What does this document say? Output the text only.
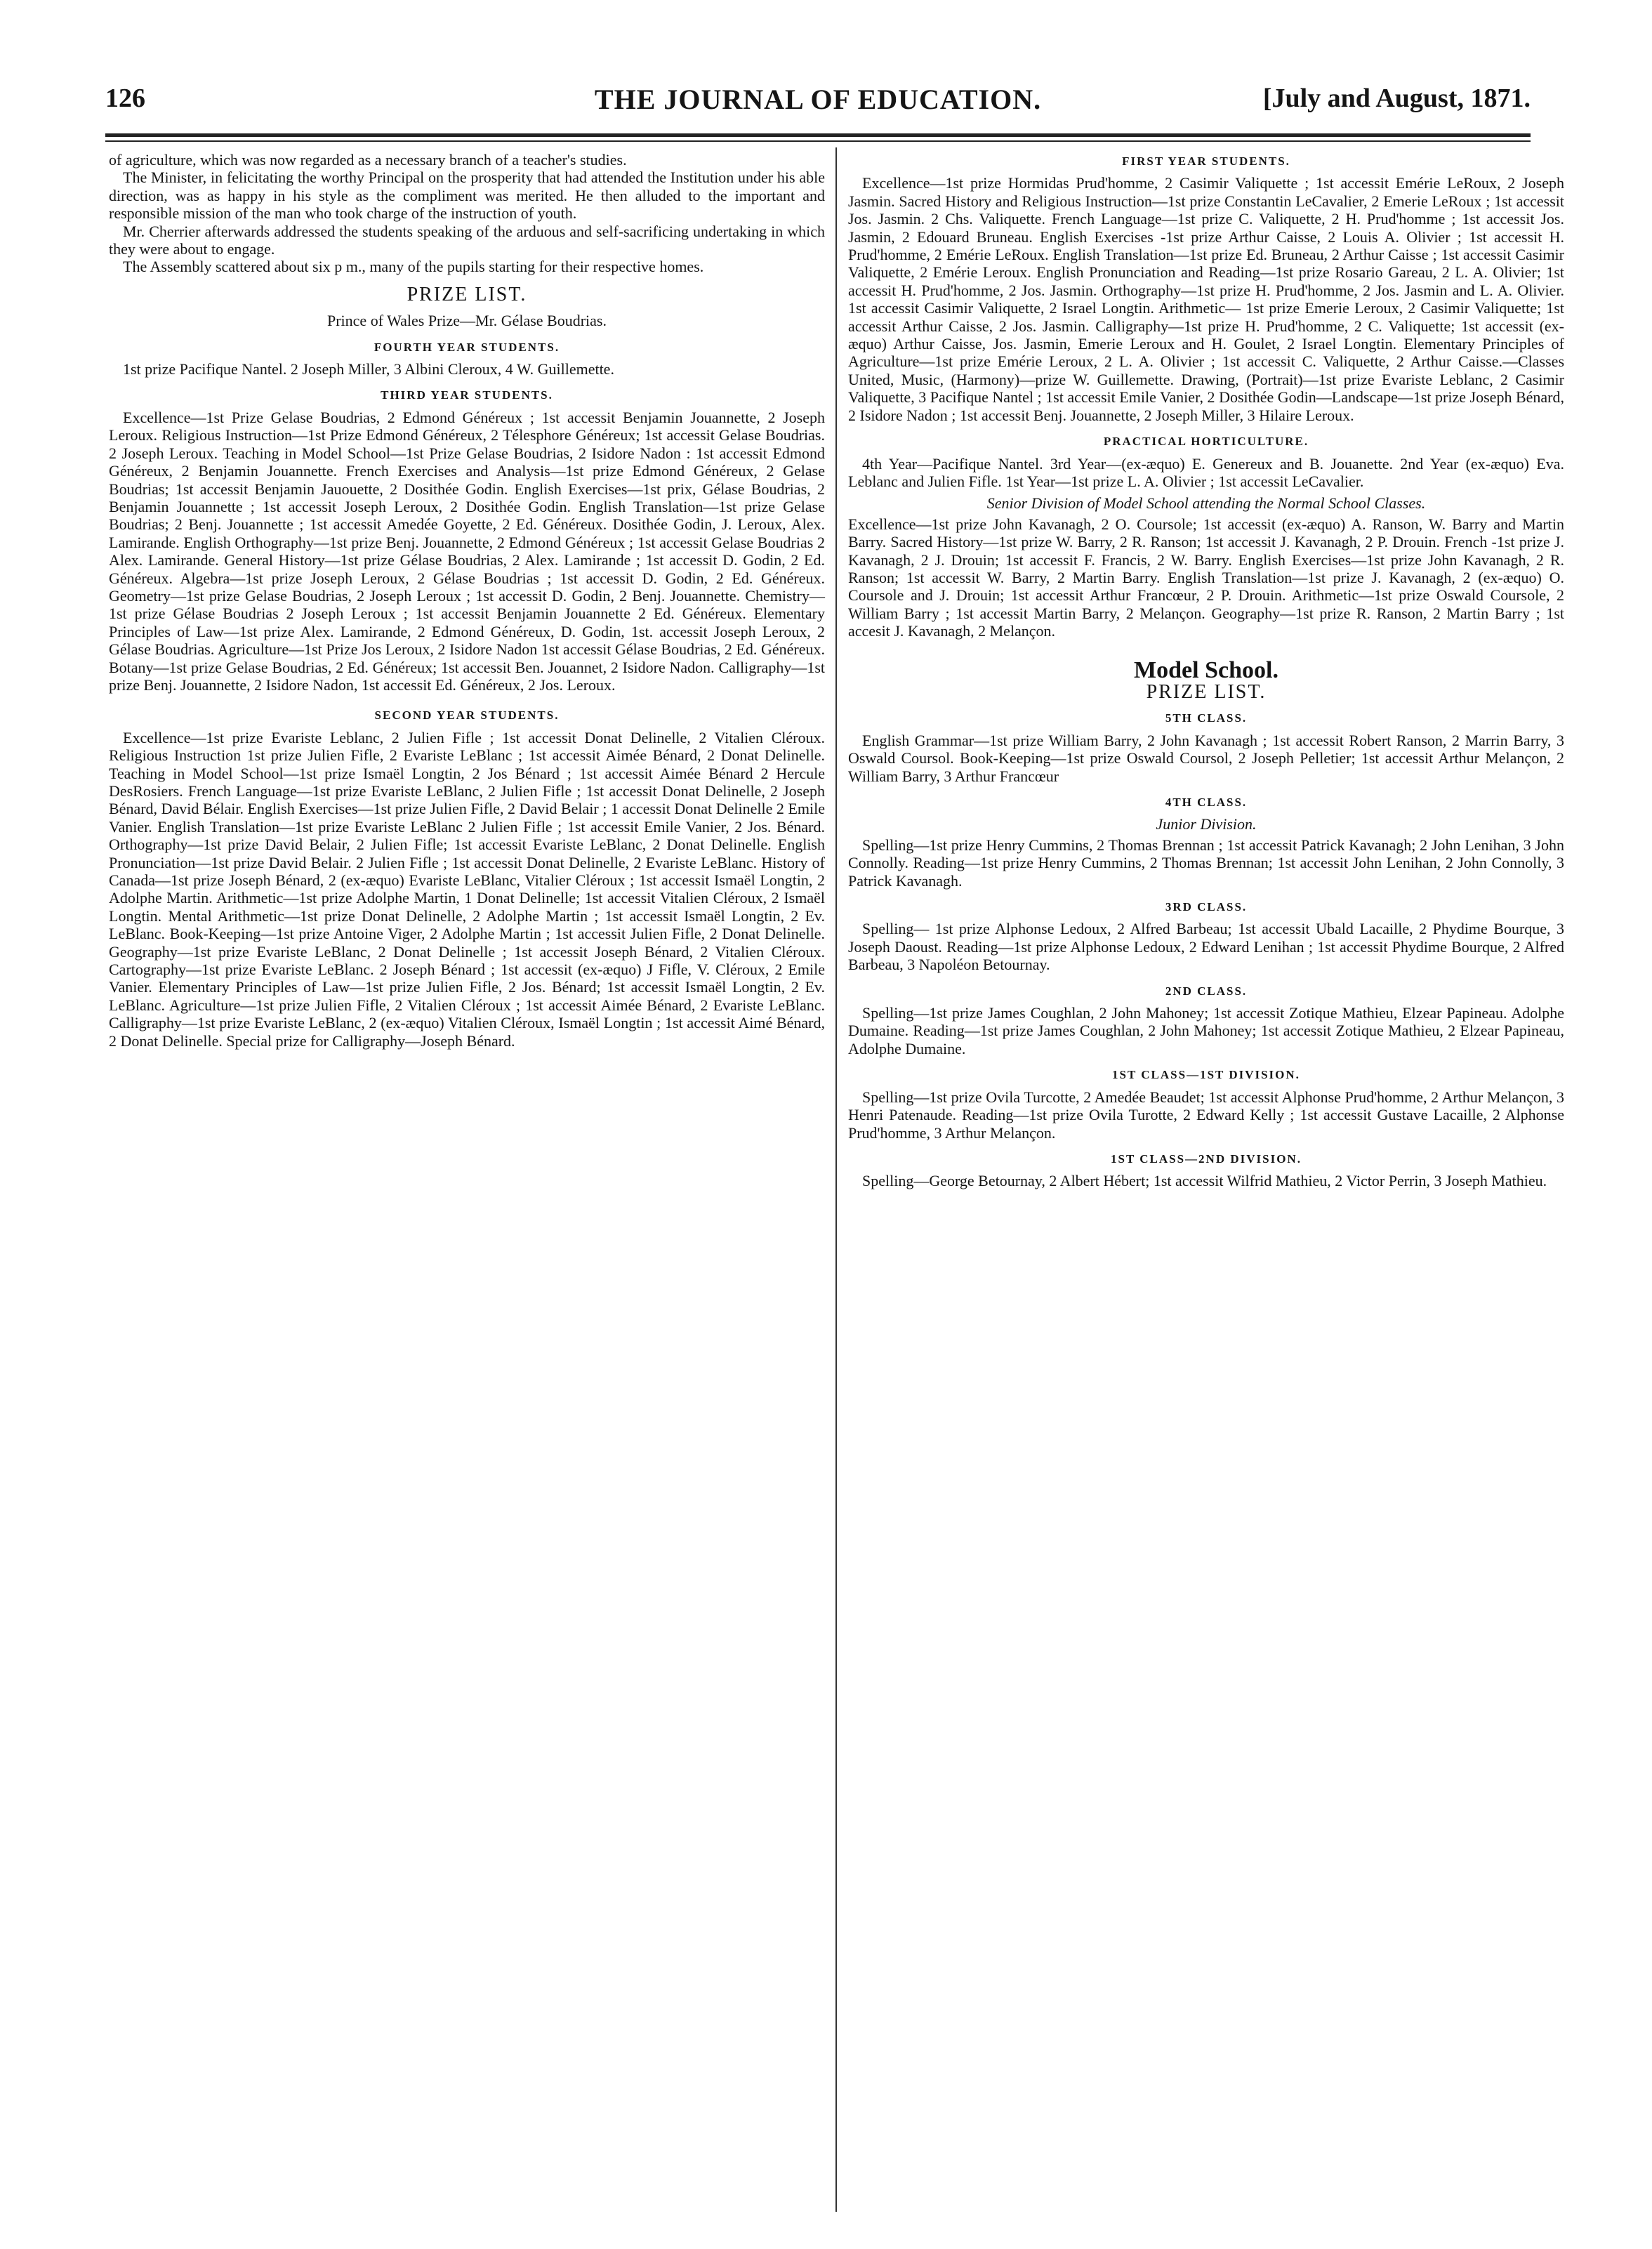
THE JOURNAL OF EDUCATION.
126	[July and August, 1871.

of agriculture, which was now regarded as a necessary branch of a teacher's studies.

The Minister, in felicitating the worthy Principal on the prosperity that had attended the Institution under his able direction, was as happy in his style as the compliment was merited. He then alluded to the important and responsible mission of the man who took charge of the instruction of youth.

Mr. Cherrier afterwards addressed the students speaking of the arduous and self-sacrificing undertaking in which they were about to engage.

The Assembly scattered about six p m., many of the pupils starting for their respective homes.

PRIZE LIST.

Prince of Wales Prize—Mr. Gélase Boudrias.

FOURTH YEAR STUDENTS.

1st prize Pacifique Nantel. 2 Joseph Miller, 3 Albini Cleroux, 4 W. Guillemette.

THIRD YEAR STUDENTS.

Excellence—1st Prize Gelase Boudrias, 2 Edmond Généreux ; 1st accessit Benjamin Jouannette, 2 Joseph Leroux. Religious Instruction—1st Prize Edmond Généreux, 2 Télesphore Généreux; 1st accessit Gelase Boudrias. 2 Joseph Leroux. Teaching in Model School—1st Prize Gelase Boudrias, 2 Isidore Nadon : 1st accessit Edmond Généreux, 2 Benjamin Jouannette. French Exercises and Analysis—1st prize Edmond Généreux, 2 Gelase Boudrias; 1st accessit Benjamin Jauouette, 2 Dosithée Godin. English Exercises—1st prix, Gélase Boudrias, 2 Benjamin Jouannette ; 1st accessit Joseph Leroux, 2 Dosithée Godin. English Translation—1st prize Gelase Boudrias; 2 Benj. Jouannette ; 1st accessit Amedée Goyette, 2 Ed. Généreux. Dosithée Godin, J. Leroux, Alex. Lamirande. English Orthography—1st prize Benj. Jouannette, 2 Edmond Généreux ; 1st accessit Gelase Boudrias 2 Alex. Lamirande. General History—1st prize Gélase Boudrias, 2 Alex. Lamirande ; 1st accessit D. Godin, 2 Ed. Généreux. Algebra—1st prize Joseph Leroux, 2 Gélase Boudrias ; 1st accessit D. Godin, 2 Ed. Généreux. Geometry—1st prize Gelase Boudrias, 2 Joseph Leroux ; 1st accessit D. Godin, 2 Benj. Jouannette. Chemistry—1st prize Gélase Boudrias 2 Joseph Leroux ; 1st accessit Benjamin Jouannette 2 Ed. Généreux. Elementary Principles of Law—1st prize Alex. Lamirande, 2 Edmond Généreux, D. Godin, 1st. accessit Joseph Leroux, 2 Gélase Boudrias. Agriculture—1st Prize Jos Leroux, 2 Isidore Nadon 1st accessit Gélase Boudrias, 2 Ed. Généreux. Botany—1st prize Gelase Boudrias, 2 Ed. Généreux; 1st accessit Ben. Jouannet, 2 Isidore Nadon. Calligraphy—1st prize Benj. Jouannette, 2 Isidore Nadon, 1st accessit Ed. Généreux, 2 Jos. Leroux.

SECOND YEAR STUDENTS.

Excellence—1st prize Evariste Leblanc, 2 Julien Fifle ; 1st accessit Donat Delinelle, 2 Vitalien Cléroux. Religious Instruction 1st prize Julien Fifle, 2 Evariste LeBlanc ; 1st accessit Aimée Bénard, 2 Donat Delinelle. Teaching in Model School—1st prize Ismaël Longtin, 2 Jos Bénard ; 1st accessit Aimée Bénard 2 Hercule DesRosiers. French Language—1st prize Evariste LeBlanc, 2 Julien Fifle ; 1st accessit Donat Delinelle, 2 Joseph Bénard, David Bélair. English Exercises—1st prize Julien Fifle, 2 David Belair ; 1 accessit Donat Delinelle 2 Emile Vanier. English Translation—1st prize Evariste LeBlanc 2 Julien Fifle ; 1st accessit Emile Vanier, 2 Jos. Bénard. Orthography—1st prize David Belair, 2 Julien Fifle; 1st accessit Evariste LeBlanc, 2 Donat Delinelle. English Pronunciation—1st prize David Belair. 2 Julien Fifle ; 1st accessit Donat Delinelle, 2 Evariste LeBlanc. History of Canada—1st prize Joseph Bénard, 2 (ex-æquo) Evariste LeBlanc, Vitalier Cléroux ; 1st accessit Ismaël Longtin, 2 Adolphe Martin. Arithmetic—1st prize Adolphe Martin, 1 Donat Delinelle; 1st accessit Vitalien Cléroux, 2 Ismaël Longtin. Mental Arithmetic—1st prize Donat Delinelle, 2 Adolphe Martin ; 1st accessit Ismaël Longtin, 2 Ev. LeBlanc. Book-Keeping—1st prize Antoine Viger, 2 Adolphe Martin ; 1st accessit Julien Fifle, 2 Donat Delinelle. Geography—1st prize Evariste LeBlanc, 2 Donat Delinelle ; 1st accessit Joseph Bénard, 2 Vitalien Cléroux. Cartography—1st prize Evariste LeBlanc. 2 Joseph Bénard ; 1st accessit (ex-æquo) J Fifle, V. Cléroux, 2 Emile Vanier. Elementary Principles of Law—1st prize Julien Fifle, 2 Jos. Bénard; 1st accessit Ismaël Longtin, 2 Ev. LeBlanc. Agriculture—1st prize Julien Fifle, 2 Vitalien Cléroux ; 1st accessit Aimée Bénard, 2 Evariste LeBlanc. Calligraphy—1st prize Evariste LeBlanc, 2 (ex-æquo) Vitalien Cléroux, Ismaël Longtin ; 1st accessit Aimé Bénard, 2 Donat Delinelle. Special prize for Calligraphy—Joseph Bénard.

FIRST YEAR STUDENTS.

Excellence—1st prize Hormidas Prud'homme, 2 Casimir Valiquette ; 1st accessit Emérie LeRoux, 2 Joseph Jasmin. Sacred History and Religious Instruction—1st prize Constantin LeCavalier, 2 Emerie LeRoux ; 1st accessit Jos. Jasmin. 2 Chs. Valiquette. French Language—1st prize C. Valiquette, 2 H. Prud'homme ; 1st accessit Jos. Jasmin, 2 Edouard Bruneau. English Exercises -1st prize Arthur Caisse, 2 Louis A. Olivier ; 1st accessit H. Prud'homme, 2 Emérie LeRoux. English Translation—1st prize Ed. Bruneau, 2 Arthur Caisse ; 1st accessit Casimir Valiquette, 2 Emérie Leroux. English Pronunciation and Reading—1st prize Rosario Gareau, 2 L. A. Olivier; 1st accessit H. Prud'homme, 2 Jos. Jasmin. Orthography—1st prize H. Prud'homme, 2 Jos. Jasmin and L. A. Olivier. 1st accessit Casimir Valiquette, 2 Israel Longtin. Arithmetic— 1st prize Emerie Leroux, 2 Casimir Valiquette; 1st accessit Arthur Caisse, 2 Jos. Jasmin. Calligraphy—1st prize H. Prud'homme, 2 C. Valiquette; 1st accessit (ex-æquo) Arthur Caisse, Jos. Jasmin, Emerie Leroux and H. Goulet, 2 Israel Longtin. Elementary Principles of Agriculture—1st prize Emérie Leroux, 2 L. A. Olivier ; 1st accessit C. Valiquette, 2 Arthur Caisse.—Classes United, Music, (Harmony)—prize W. Guillemette. Drawing, (Portrait)—1st prize Evariste Leblanc, 2 Casimir Valiquette, 3 Pacifique Nantel ; 1st accessit Emile Vanier, 2 Dosithée Godin—Landscape—1st prize Joseph Bénard, 2 Isidore Nadon ; 1st accessit Benj. Jouannette, 2 Joseph Miller, 3 Hilaire Leroux.

PRACTICAL HORTICULTURE.

4th Year—Pacifique Nantel. 3rd Year—(ex-æquo) E. Genereux and B. Jouanette. 2nd Year (ex-æquo) Eva. Leblanc and Julien Fifle. 1st Year—1st prize L. A. Olivier ; 1st accessit LeCavalier.

Senior Division of Model School attending the Normal School Classes.

Excellence—1st prize John Kavanagh, 2 O. Coursole; 1st accessit (ex-æquo) A. Ranson, W. Barry and Martin Barry. Sacred History—1st prize W. Barry, 2 R. Ranson; 1st accessit J. Kavanagh, 2 P. Drouin. French -1st prize J. Kavanagh, 2 J. Drouin; 1st accessit F. Francis, 2 W. Barry. English Exercises—1st prize John Kavanagh, 2 R. Ranson; 1st accessit W. Barry, 2 Martin Barry. English Translation—1st prize J. Kavanagh, 2 (ex-æquo) O. Coursole and J. Drouin; 1st accessit Arthur Francœur, 2 P. Drouin. Arithmetic—1st prize Oswald Coursole, 2 William Barry ; 1st accessit Martin Barry, 2 Melançon. Geography—1st prize R. Ranson, 2 Martin Barry ; 1st accesit J. Kavanagh, 2 Melançon.

Model School.
PRIZE LIST.
5TH CLASS.

English Grammar—1st prize William Barry, 2 John Kavanagh ; 1st accessit Robert Ranson, 2 Marrin Barry, 3 Oswald Coursol. Book-Keeping—1st prize Oswald Coursol, 2 Joseph Pelletier; 1st accessit Arthur Melançon, 2 William Barry, 3 Arthur Francœur

4TH CLASS.
Junior Division.

Spelling—1st prize Henry Cummins, 2 Thomas Brennan ; 1st accessit Patrick Kavanagh; 2 John Lenihan, 3 John Connolly. Reading—1st prize Henry Cummins, 2 Thomas Brennan; 1st accessit John Lenihan, 2 John Connolly, 3 Patrick Kavanagh.

3RD CLASS.

Spelling— 1st prize Alphonse Ledoux, 2 Alfred Barbeau; 1st accessit Ubald Lacaille, 2 Phydime Bourque, 3 Joseph Daoust. Reading—1st prize Alphonse Ledoux, 2 Edward Lenihan ; 1st accessit Phydime Bourque, 2 Alfred Barbeau, 3 Napoléon Betournay.

2ND CLASS.

Spelling—1st prize James Coughlan, 2 John Mahoney; 1st accessit Zotique Mathieu, Elzear Papineau. Adolphe Dumaine. Reading—1st prize James Coughlan, 2 John Mahoney; 1st accessit Zotique Mathieu, 2 Elzear Papineau, Adolphe Dumaine.

1ST CLASS—1ST DIVISION.

Spelling—1st prize Ovila Turcotte, 2 Amedée Beaudet; 1st accessit Alphonse Prud'homme, 2 Arthur Melançon, 3 Henri Patenaude. Reading—1st prize Ovila Turotte, 2 Edward Kelly ; 1st accessit Gustave Lacaille, 2 Alphonse Prud'homme, 3 Arthur Melançon.

1ST CLASS—2ND DIVISION.

Spelling—George Betournay, 2 Albert Hébert; 1st accessit Wilfrid Mathieu, 2 Victor Perrin, 3 Joseph Mathieu.
